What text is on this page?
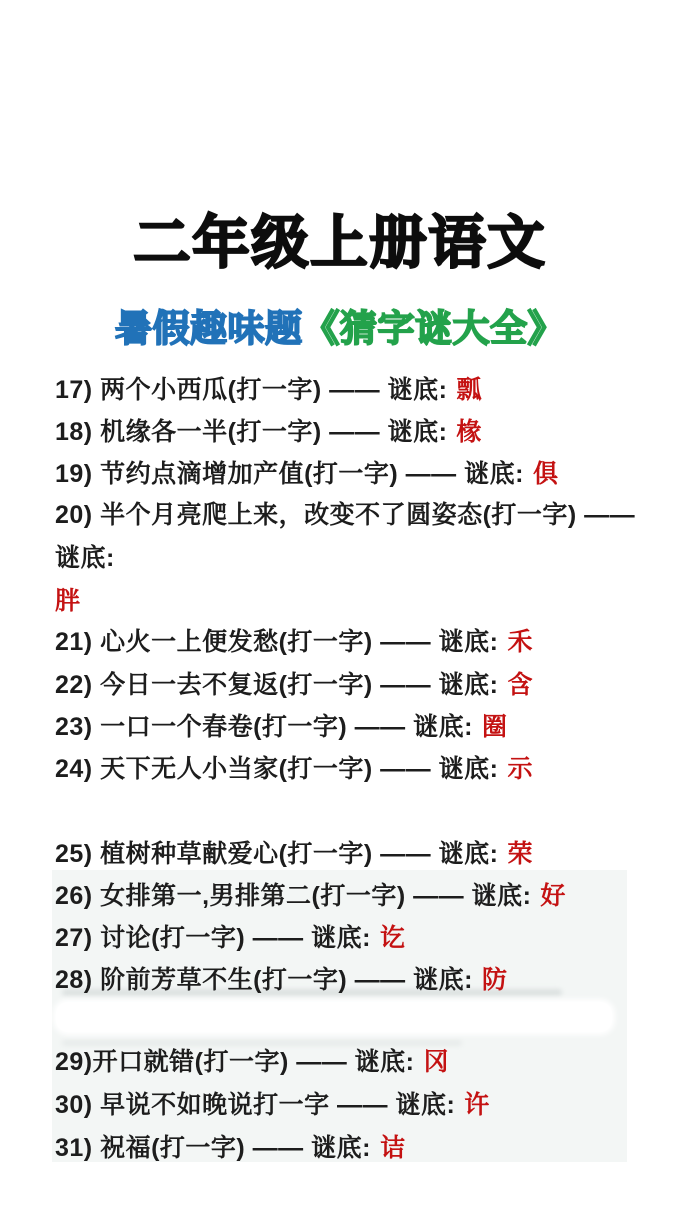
二年级上册语文
暑假趣味题《猜字谜大全》
17) 两个小西瓜(打一字) —— 谜底: 瓢
18) 机缘各一半(打一字) —— 谜底: 椽
19) 节约点滴增加产值(打一字) —— 谜底: 俱
20) 半个月亮爬上来，改变不了圆姿态(打一字) —— 谜底:
胖
21) 心火一上便发愁(打一字) —— 谜底: 禾
22) 今日一去不复返(打一字) —— 谜底: 含
23) 一口一个春卷(打一字) —— 谜底: 圈
24) 天下无人小当家(打一字) —— 谜底: 示
25) 植树种草献爱心(打一字) —— 谜底: 荣
26) 女排第一,男排第二(打一字) —— 谜底: 好
27) 讨论(打一字) —— 谜底: 讫
28) 阶前芳草不生(打一字) —— 谜底: 防
29)开口就错(打一字) —— 谜底: 冈
30) 早说不如晚说打一字 —— 谜底: 许
31) 祝福(打一字) —— 谜底: 诘
